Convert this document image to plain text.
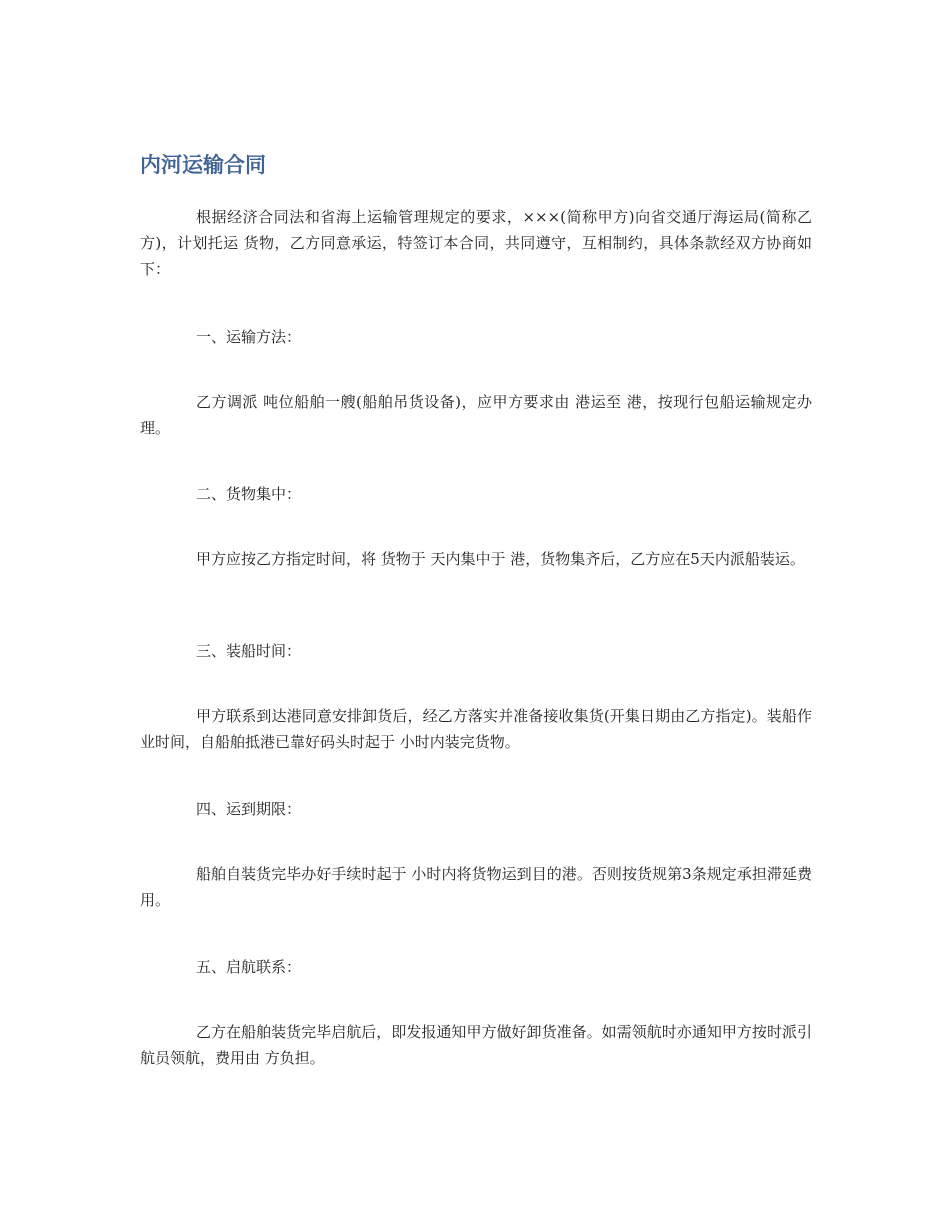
内河运输合同

根据经济合同法和省海上运输管理规定的要求，×××(简称甲方)向省交通厅海运局(简称乙方)，计划托运 货物，乙方同意承运，特签订本合同，共同遵守，互相制约，具体条款经双方协商如下：

一、运输方法：

乙方调派 吨位船舶一艘(船舶吊货设备)，应甲方要求由 港运至 港，按现行包船运输规定办理。

二、货物集中：

甲方应按乙方指定时间，将 货物于 天内集中于 港，货物集齐后，乙方应在5天内派船装运。

三、装船时间：

甲方联系到达港同意安排卸货后，经乙方落实并准备接收集货(开集日期由乙方指定)。装船作业时间，自船舶抵港已靠好码头时起于 小时内装完货物。

四、运到期限：

船舶自装货完毕办好手续时起于 小时内将货物运到目的港。否则按货规第3条规定承担滞延费用。

五、启航联系：

乙方在船舶装货完毕启航后，即发报通知甲方做好卸货准备。如需领航时亦通知甲方按时派引航员领航，费用由 方负担。
